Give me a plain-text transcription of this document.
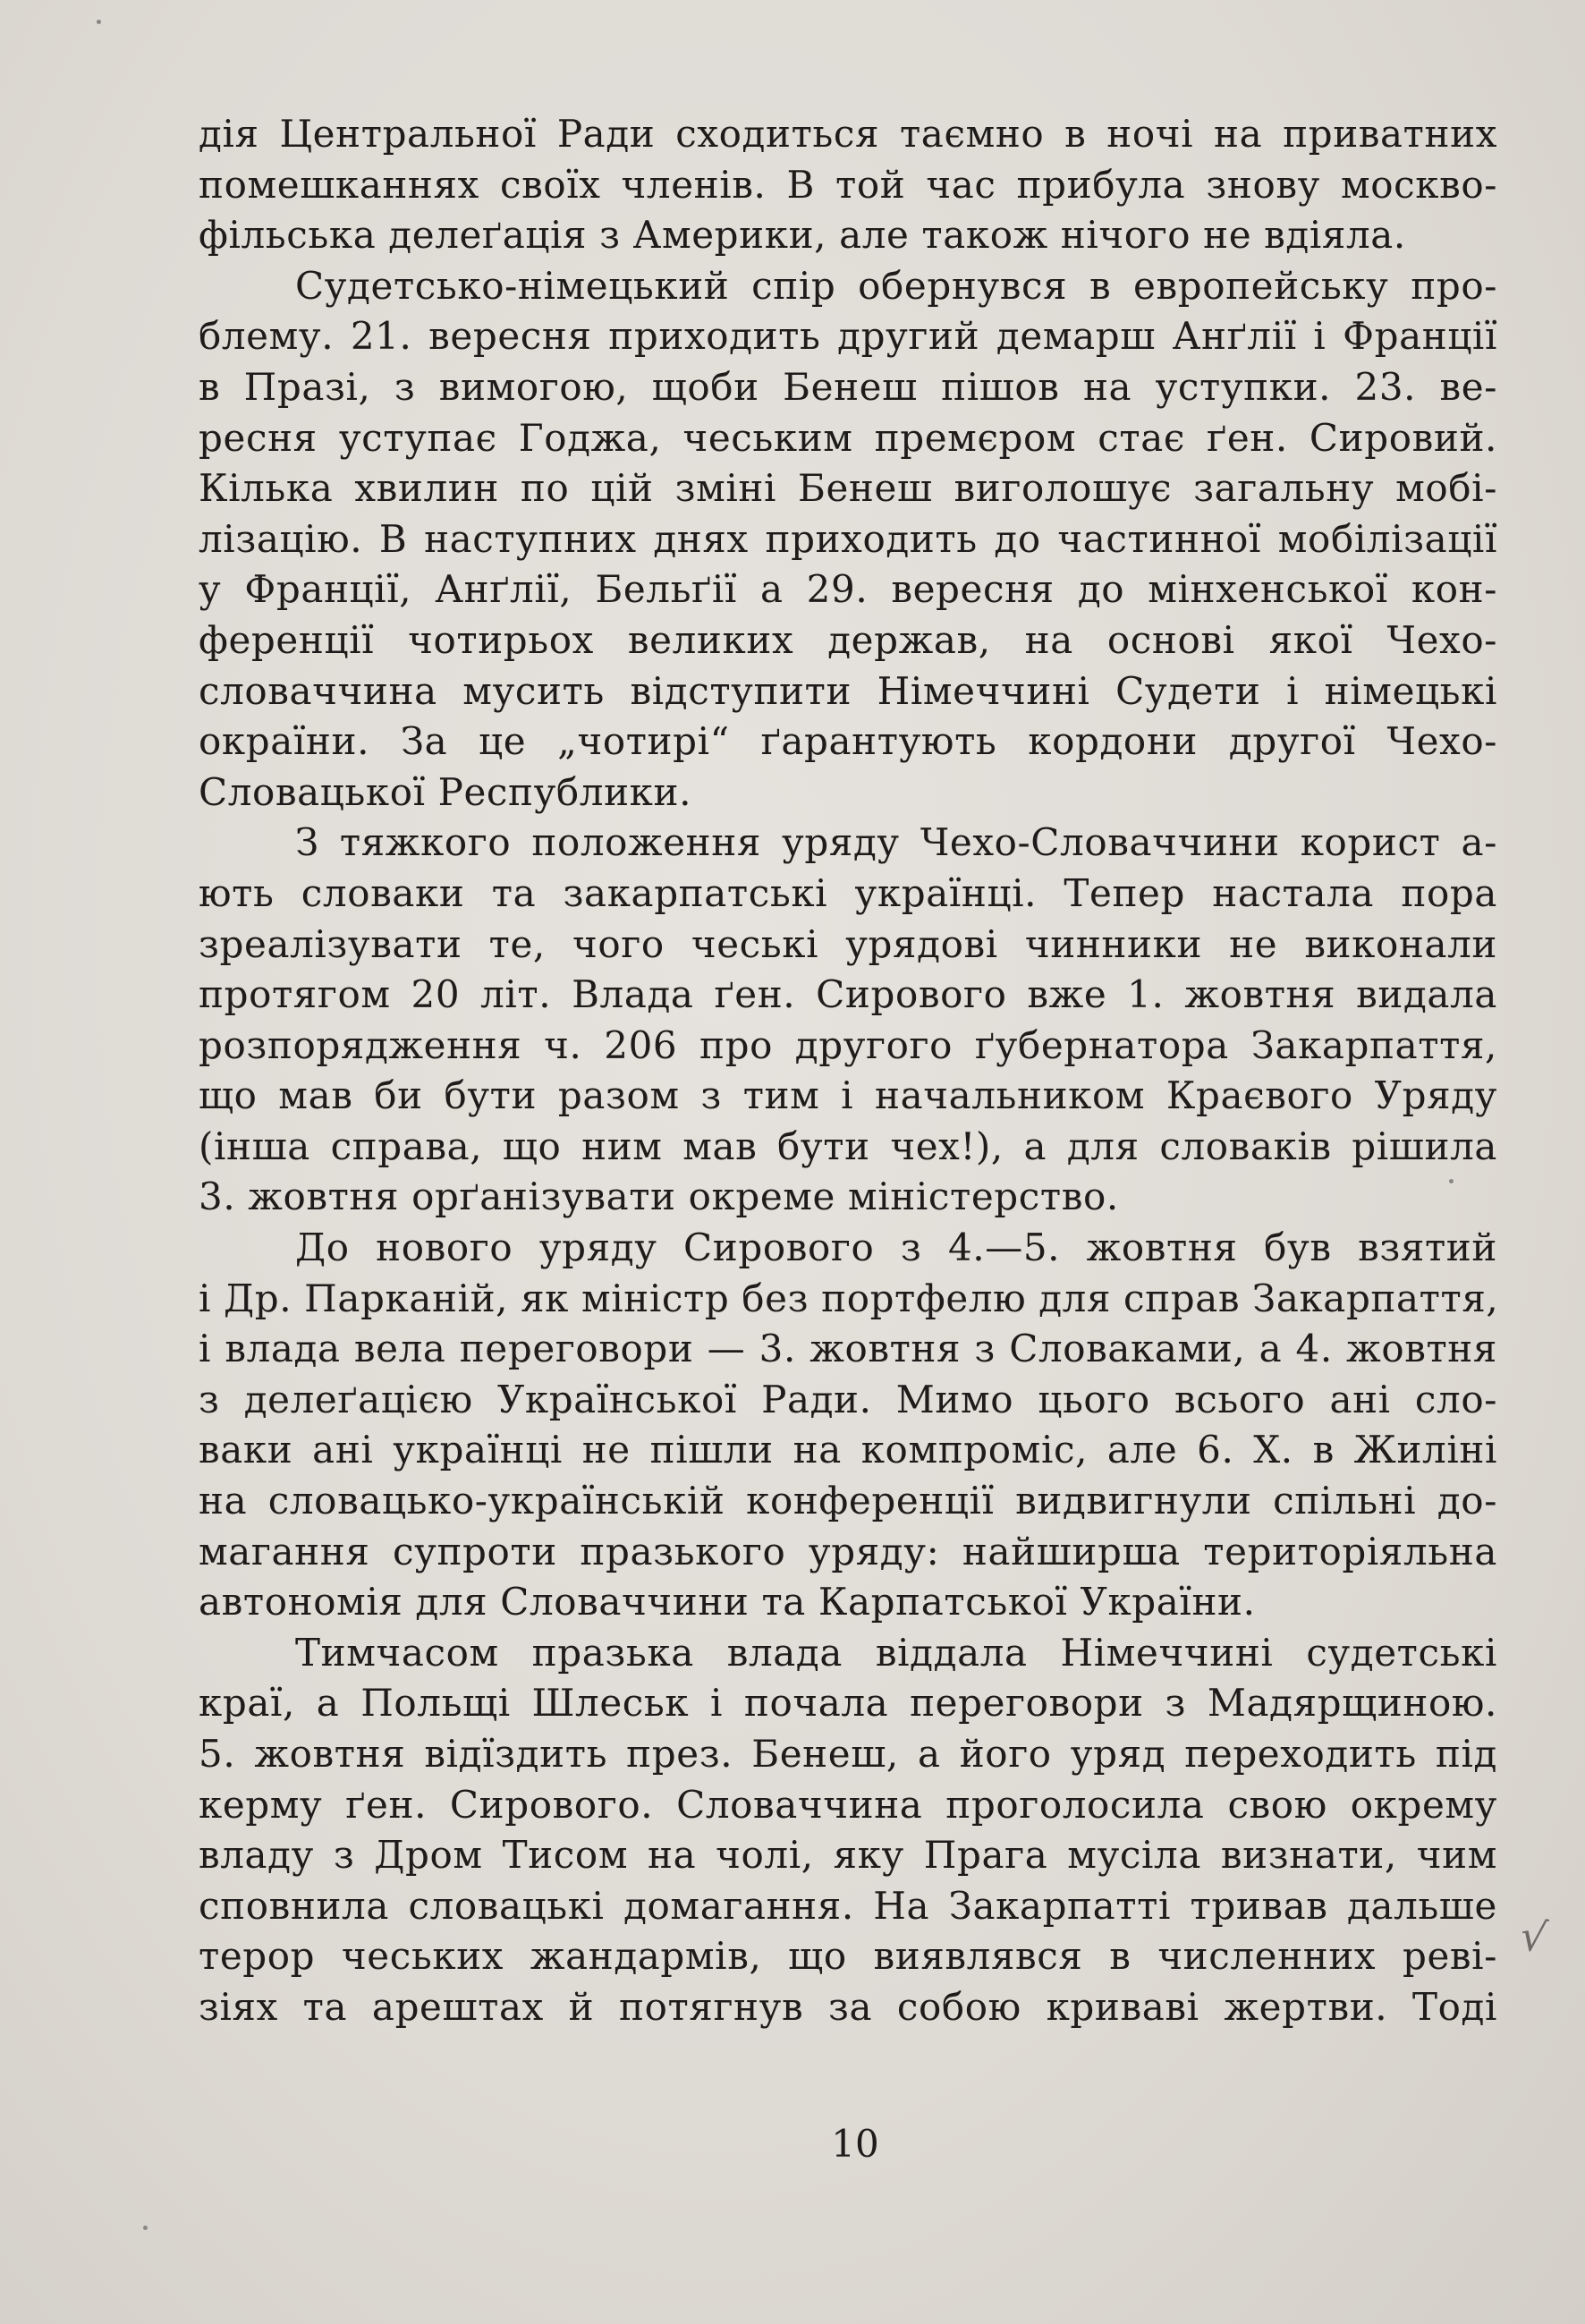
дія Центральної Ради сходиться таємно в ночі на приватних
помешканнях своїх членів. В той час прибула знову москво-
фільська делеґація з Америки, але також нічого не вдіяла.

Судетсько-німецький спір обернувся в европейську про-
блему. 21. вересня приходить другий демарш Анґлії і Франції
в Празі, з вимогою, щоби Бенеш пішов на уступки. 23. ве-
ресня уступає Годжа, чеським премєром стає ґен. Сировий.
Кілька хвилин по цій зміні Бенеш виголошує загальну мобі-
лізацію. В наступних днях приходить до частинної мобілізації
у Франції, Анґлії, Бельґії а 29. вересня до мінхенської кон-
ференції чотирьох великих держав, на основі якої Чехо-
словаччина мусить відступити Німеччині Судети і німецькі
окраїни. За це „чотирі“ ґарантують кордони другої Чехо-
Словацької Республики.

З тяжкого положення уряду Чехо-Словаччини корист а-
ють словаки та закарпатські українці. Тепер настала пора
зреалізувати те, чого чеські урядові чинники не виконали
протягом 20 літ. Влада ґен. Сирового вже 1. жовтня видала
розпорядження ч. 206 про другого ґубернатора Закарпаття,
що мав би бути разом з тим і начальником Краєвого Уряду
(інша справа, що ним мав бути чех!), а для словаків рішила
3. жовтня орґанізувати окреме міністерство.

До нового уряду Сирового з 4.—5. жовтня був взятий
і Др. Парканій, як міністр без портфелю для справ Закарпаття,
і влада вела переговори — 3. жовтня з Словаками, а 4. жовтня
з делеґацією Української Ради. Мимо цього всього ані сло-
ваки ані українці не пішли на компроміс, але 6. Х. в Жиліні
на словацько-українській конференції видвигнули спільні до-
магання супроти празького уряду: найширша територіяльна
автономія для Словаччини та Карпатської України.

Тимчасом празька влада віддала Німеччині судетські
краї, а Польщі Шлеськ і почала переговори з Мадярщиною.
5. жовтня відїздить през. Бенеш, а його уряд переходить під
керму ґен. Сирового. Словаччина проголосила свою окрему
владу з Дром Тисом на чолі, яку Прага мусіла визнати, чим
сповнила словацькі домагання. На Закарпатті тривав дальше
терор чеських жандармів, що виявлявся в численних реві-
зіях та арештах й потягнув за собою криваві жертви. Тоді

√
10
